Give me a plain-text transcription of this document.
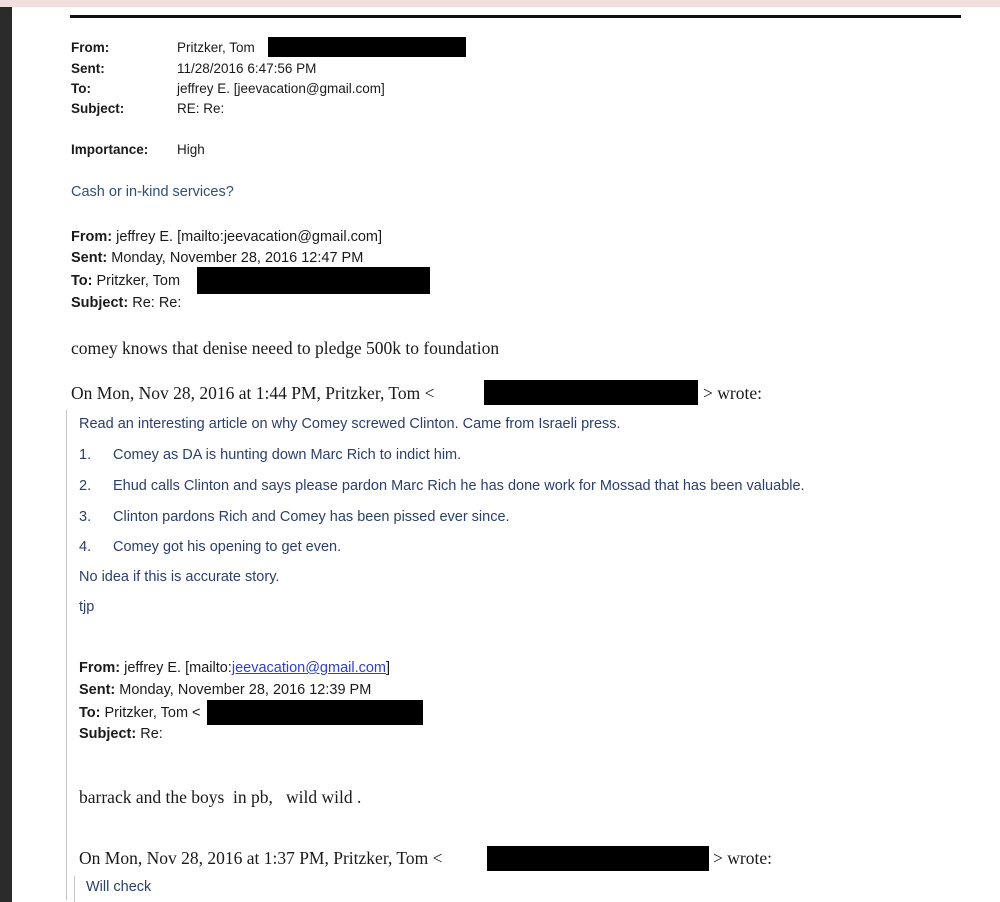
From:	Pritzker, Tom
Sent:	11/28/2016 6:47:56 PM
To:	jeffrey E. [jeevacation@gmail.com]
Subject:	RE: Re:
Importance: High
Cash or in-kind services?
From: jeffrey E. [mailto:jeevacation@gmail.com]
Sent: Monday, November 28, 2016 12:47 PM
To: Pritzker, Tom
Subject: Re: Re:
comey knows that denise neeed to pledge 500k to foundation
On Mon, Nov 28, 2016 at 1:44 PM, Pritzker, Tom <	> wrote:
Read an interesting article on why Comey screwed Clinton. Came from Israeli press.
1. Comey as DA is hunting down Marc Rich to indict him.
2. Ehud calls Clinton and says please pardon Marc Rich he has done work for Mossad that has been valuable.
3. Clinton pardons Rich and Comey has been pissed ever since.
4. Comey got his opening to get even.
No idea if this is accurate story.
tjp
From: jeffrey E. [mailto:jeevacation@gmail.com]
Sent: Monday, November 28, 2016 12:39 PM
To: Pritzker, Tom <
Subject: Re:
barrack and the boys  in pb,   wild wild .
On Mon, Nov 28, 2016 at 1:37 PM, Pritzker, Tom <	> wrote:
Will check
